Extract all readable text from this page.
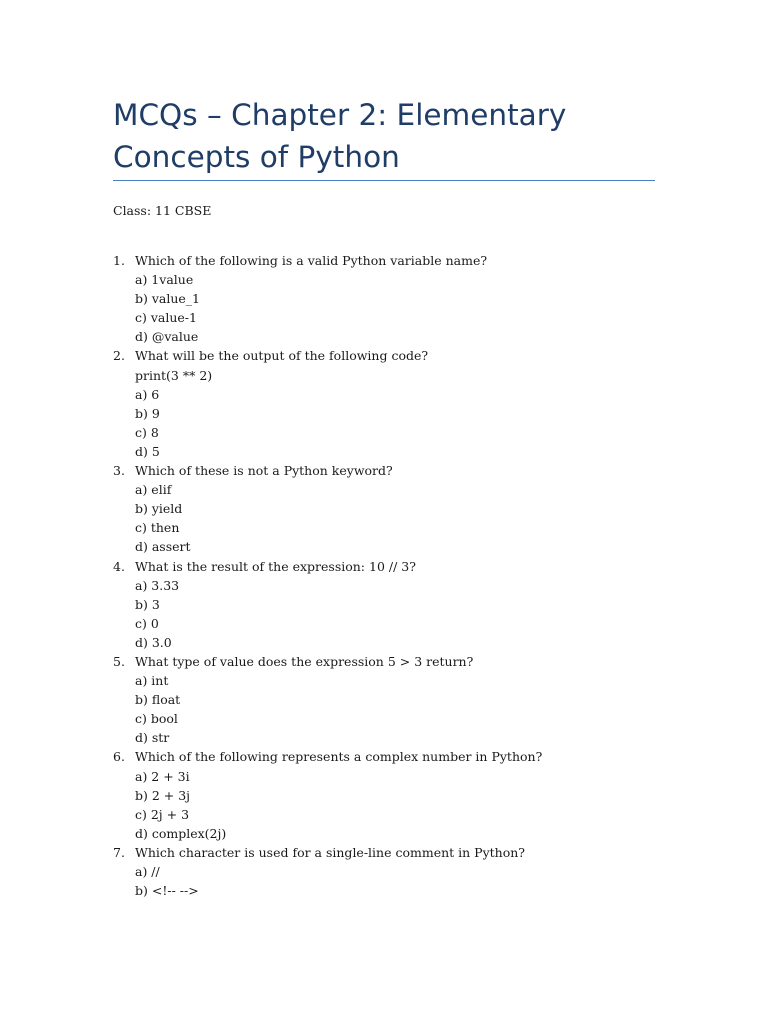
MCQs – Chapter 2: Elementary Concepts of Python
Class: 11 CBSE
1. Which of the following is a valid Python variable name?
a) 1value
b) value_1
c) value-1
d) @value
2. What will be the output of the following code?
print(3 ** 2)
a) 6
b) 9
c) 8
d) 5
3. Which of these is not a Python keyword?
a) elif
b) yield
c) then
d) assert
4. What is the result of the expression: 10 // 3?
a) 3.33
b) 3
c) 0
d) 3.0
5. What type of value does the expression 5 > 3 return?
a) int
b) float
c) bool
d) str
6. Which of the following represents a complex number in Python?
a) 2 + 3i
b) 2 + 3j
c) 2j + 3
d) complex(2j)
7. Which character is used for a single-line comment in Python?
a) //
b) <!-- -->
